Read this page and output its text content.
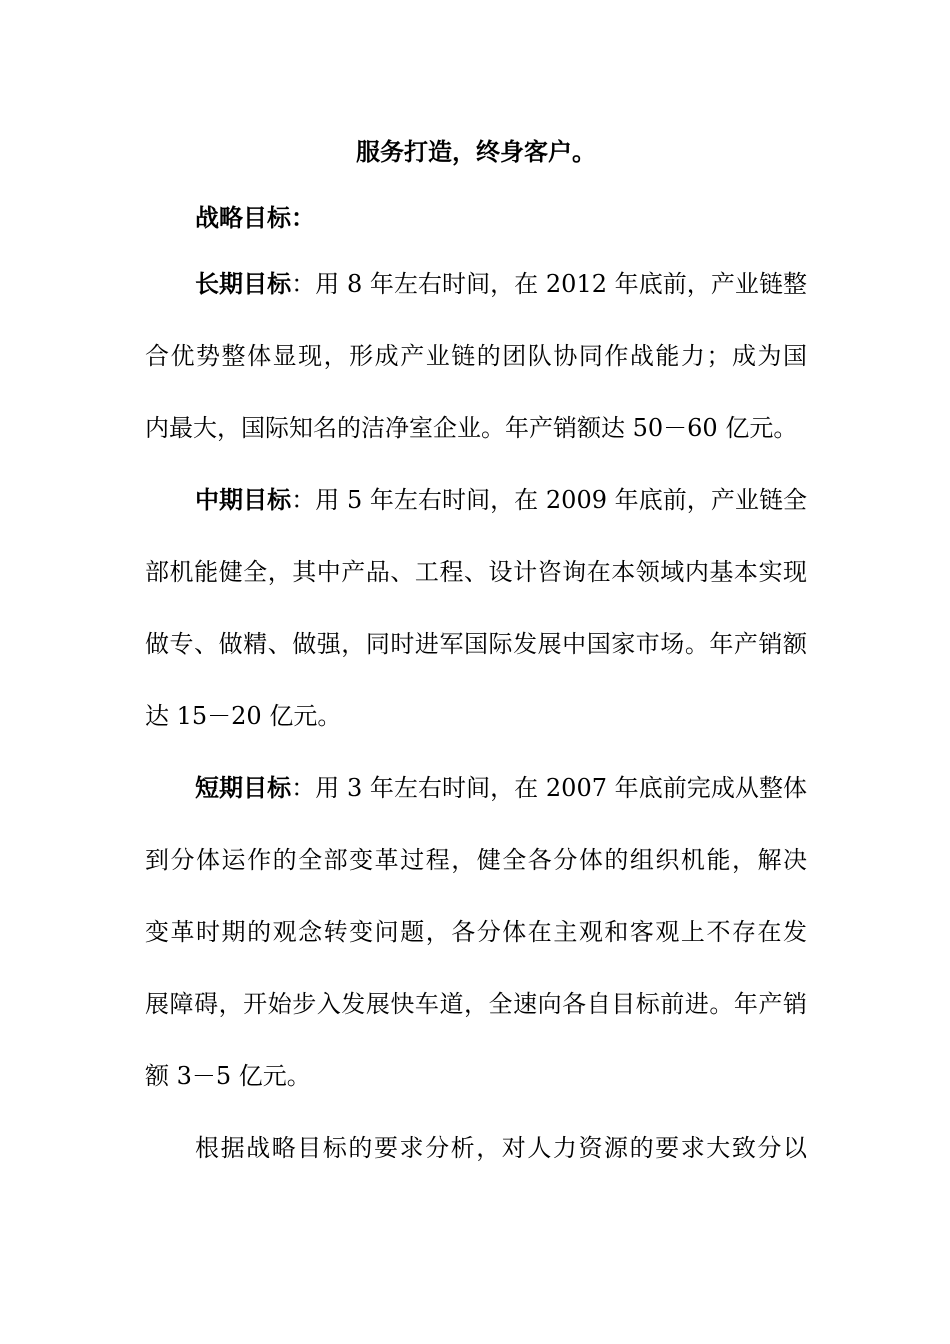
服务打造，终身客户。
战略目标：
长期目标：用 8 年左右时间，在 2012 年底前，产业链整
合优势整体显现，形成产业链的团队协同作战能力；成为国
内最大，国际知名的洁净室企业。年产销额达 50－60 亿元。
中期目标：用 5 年左右时间，在 2009 年底前，产业链全
部机能健全，其中产品、工程、设计咨询在本领域内基本实现
做专、做精、做强，同时进军国际发展中国家市场。年产销额
达 15－20 亿元。
短期目标：用 3 年左右时间，在 2007 年底前完成从整体
到分体运作的全部变革过程，健全各分体的组织机能，解决
变革时期的观念转变问题，各分体在主观和客观上不存在发
展障碍，开始步入发展快车道，全速向各自目标前进。年产销
额 3－5 亿元。
根据战略目标的要求分析，对人力资源的要求大致分以
